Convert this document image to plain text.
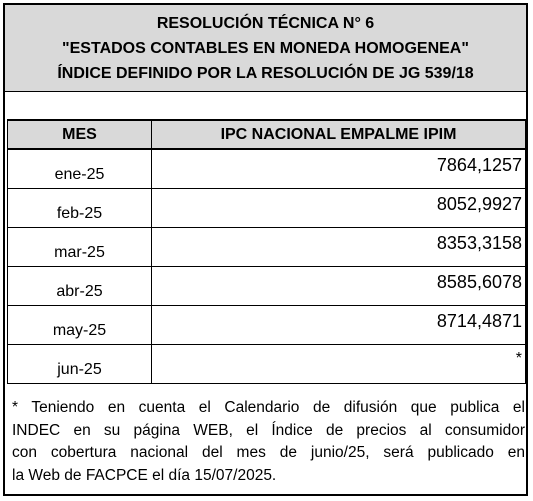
RESOLUCIÓN TÉCNICA N° 6
"ESTADOS CONTABLES EN MONEDA HOMOGENEA"
ÍNDICE DEFINIDO POR LA RESOLUCIÓN DE JG 539/18
MES	IPC NACIONAL EMPALME IPIM
ene-25	7864,1257
feb-25	8052,9927
mar-25	8353,3158
abr-25	8585,6078
may-25	8714,4871
jun-25	*
* Teniendo en cuenta el Calendario de difusión que publica el
INDEC en su página WEB, el Índice de precios al consumidor
con cobertura nacional del mes de junio/25, será publicado en
la Web de FACPCE el día 15/07/2025.
